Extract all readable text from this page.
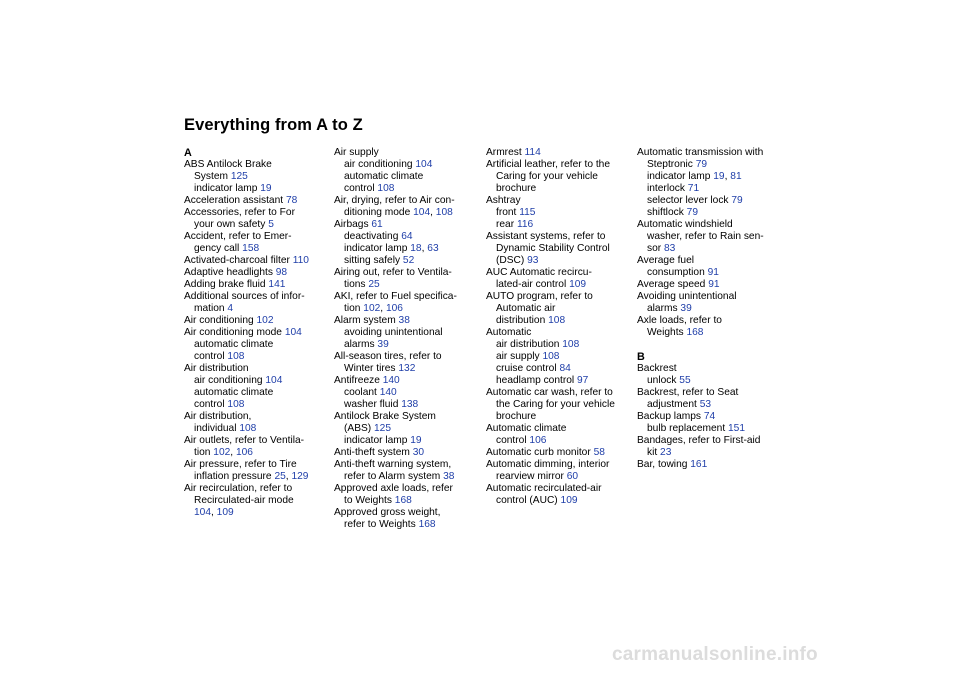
Everything from A to Z
A
ABS Antilock Brake
System 125
indicator lamp 19
Acceleration assistant 78
Accessories, refer to For
your own safety 5
Accident, refer to Emer-
gency call 158
Activated-charcoal filter 110
Adaptive headlights 98
Adding brake fluid 141
Additional sources of infor-
mation 4
Air conditioning 102
Air conditioning mode 104
automatic climate
control 108
Air distribution
air conditioning 104
automatic climate
control 108
Air distribution,
individual 108
Air outlets, refer to Ventila-
tion 102, 106
Air pressure, refer to Tire
inflation pressure 25, 129
Air recirculation, refer to
Recirculated-air mode
104, 109
Air supply
air conditioning 104
automatic climate
control 108
Air, drying, refer to Air con-
ditioning mode 104, 108
Airbags 61
deactivating 64
indicator lamp 18, 63
sitting safely 52
Airing out, refer to Ventila-
tions 25
AKI, refer to Fuel specifica-
tion 102, 106
Alarm system 38
avoiding unintentional
alarms 39
All-season tires, refer to
Winter tires 132
Antifreeze 140
coolant 140
washer fluid 138
Antilock Brake System
(ABS) 125
indicator lamp 19
Anti-theft system 30
Anti-theft warning system,
refer to Alarm system 38
Approved axle loads, refer
to Weights 168
Approved gross weight,
refer to Weights 168
Armrest 114
Artificial leather, refer to the
Caring for your vehicle
brochure
Ashtray
front 115
rear 116
Assistant systems, refer to
Dynamic Stability Control
(DSC) 93
AUC Automatic recircu-
lated-air control 109
AUTO program, refer to
Automatic air
distribution 108
Automatic
air distribution 108
air supply 108
cruise control 84
headlamp control 97
Automatic car wash, refer to
the Caring for your vehicle
brochure
Automatic climate
control 106
Automatic curb monitor 58
Automatic dimming, interior
rearview mirror 60
Automatic recirculated-air
control (AUC) 109
Automatic transmission with
Steptronic 79
indicator lamp 19, 81
interlock 71
selector lever lock 79
shiftlock 79
Automatic windshield
washer, refer to Rain sen-
sor 83
Average fuel
consumption 91
Average speed 91
Avoiding unintentional
alarms 39
Axle loads, refer to
Weights 168
B
Backrest
unlock 55
Backrest, refer to Seat
adjustment 53
Backup lamps 74
bulb replacement 151
Bandages, refer to First-aid
kit 23
Bar, towing 161
carmanualsonline.info
